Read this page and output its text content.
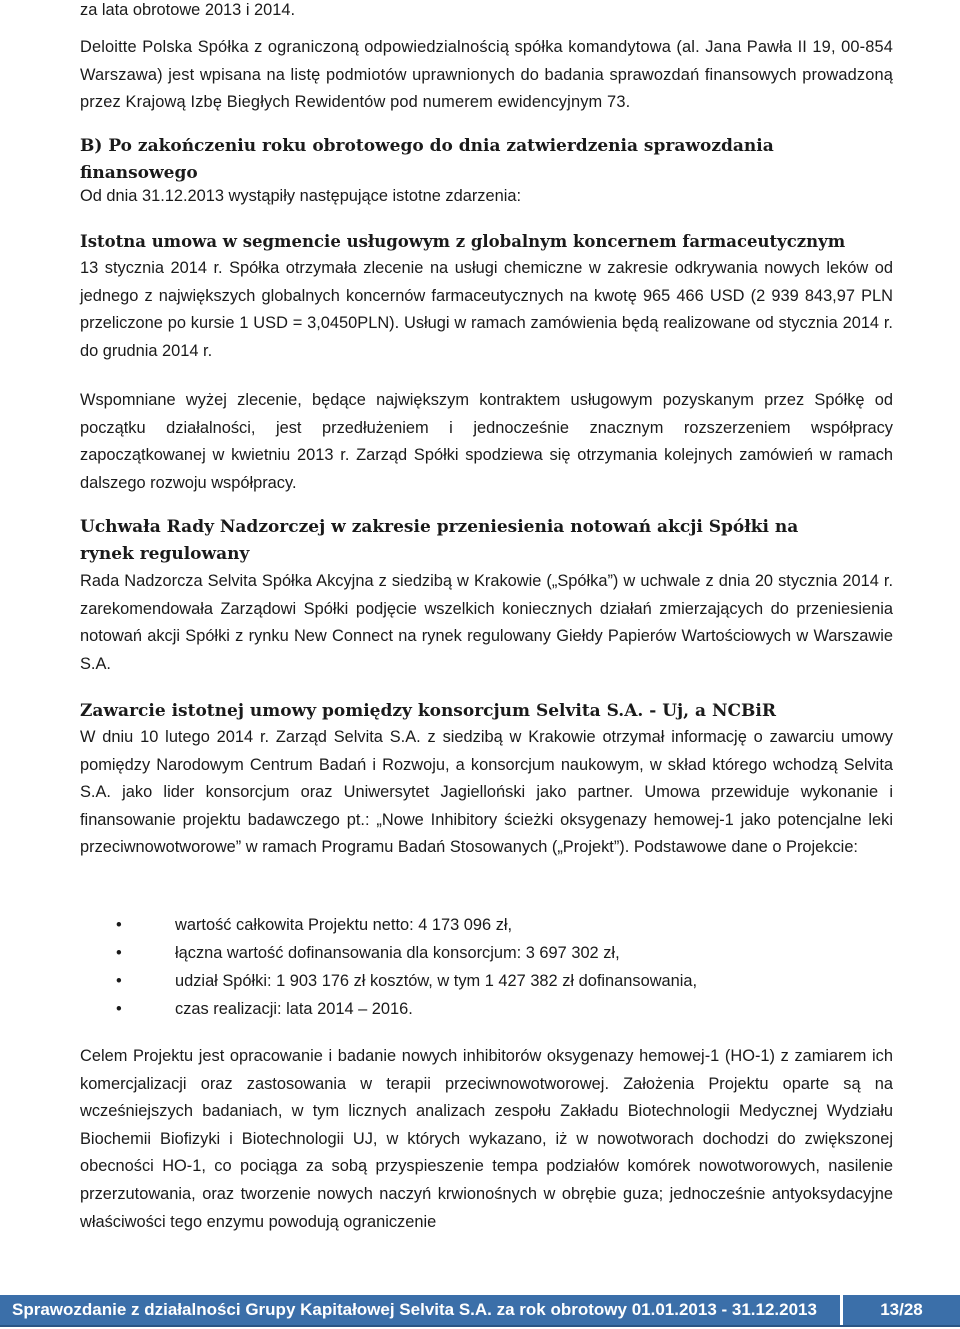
za lata obrotowe 2013 i 2014.

Deloitte Polska Spółka z ograniczoną odpowiedzialnością spółka komandytowa (al. Jana Pawła II 19, 00-854 Warszawa) jest wpisana na listę podmiotów uprawnionych do badania sprawozdań finansowych prowadzoną przez Krajową Izbę Biegłych Rewidentów pod numerem ewidencyjnym 73.

B) Po zakończeniu roku obrotowego do dnia zatwierdzenia sprawozdania finansowego

Od dnia 31.12.2013 wystąpiły następujące istotne zdarzenia:

Istotna umowa w segmencie usługowym z globalnym koncernem farmaceutycznym

13 stycznia 2014 r. Spółka otrzymała zlecenie na usługi chemiczne w zakresie odkrywania nowych leków od jednego z największych globalnych koncernów farmaceutycznych na kwotę 965 466 USD (2 939 843,97 PLN przeliczone po kursie 1 USD = 3,0450PLN). Usługi w ramach zamówienia będą realizowane od stycznia 2014 r. do grudnia 2014 r.

Wspomniane wyżej zlecenie, będące największym kontraktem usługowym pozyskanym przez Spółkę od początku działalności, jest przedłużeniem i jednocześnie znacznym rozszerzeniem współpracy zapoczątkowanej w kwietniu 2013 r. Zarząd Spółki spodziewa się otrzymania kolejnych zamówień w ramach dalszego rozwoju współpracy.

Uchwała Rady Nadzorczej w zakresie przeniesienia notowań akcji Spółki na rynek regulowany

Rada Nadzorcza Selvita Spółka Akcyjna z siedzibą w Krakowie („Spółka”) w uchwale z dnia 20 stycznia 2014 r. zarekomendowała Zarządowi Spółki podjęcie wszelkich koniecznych działań zmierzających do przeniesienia notowań akcji Spółki z rynku New Connect na rynek regulowany Giełdy Papierów Wartościowych w Warszawie S.A.

Zawarcie istotnej umowy pomiędzy konsorcjum Selvita S.A. - Uj, a NCBiR

W dniu 10 lutego 2014 r. Zarząd Selvita S.A. z siedzibą w Krakowie otrzymał informację o zawarciu umowy pomiędzy Narodowym Centrum Badań i Rozwoju, a konsorcjum naukowym, w skład którego wchodzą Selvita S.A. jako lider konsorcjum oraz Uniwersytet Jagielloński jako partner. Umowa przewiduje wykonanie i finansowanie projektu badawczego pt.: „Nowe Inhibitory ścieżki oksygenazy hemowej-1 jako potencjalne leki przeciwnowotworowe” w ramach Programu Badań Stosowanych („Projekt”). Podstawowe dane o Projekcie:

•	wartość całkowita Projektu netto: 4 173 096 zł,
•	łączna wartość dofinansowania dla konsorcjum: 3 697 302 zł,
•	udział Spółki: 1 903 176 zł kosztów, w tym 1 427 382 zł dofinansowania,
•	czas realizacji: lata 2014 – 2016.

Celem Projektu jest opracowanie i badanie nowych inhibitorów oksygenazy hemowej-1 (HO-1) z zamiarem ich komercjalizacji oraz zastosowania w terapii przeciwnowotworowej. Założenia Projektu oparte są na wcześniejszych badaniach, w tym licznych analizach zespołu Zakładu Biotechnologii Medycznej Wydziału Biochemii Biofizyki i Biotechnologii UJ, w których wykazano, iż w nowotworach dochodzi do zwiększonej obecności HO-1, co pociąga za sobą przyspieszenie tempa podziałów komórek nowotworowych, nasilenie przerzutowania, oraz tworzenie nowych naczyń krwionośnych w obrębie guza; jednocześnie antyoksydacyjne właściwości tego enzymu powodują ograniczenie

Sprawozdanie z działalności Grupy Kapitałowej Selvita S.A. za rok obrotowy 01.01.2013 - 31.12.2013	13/28
